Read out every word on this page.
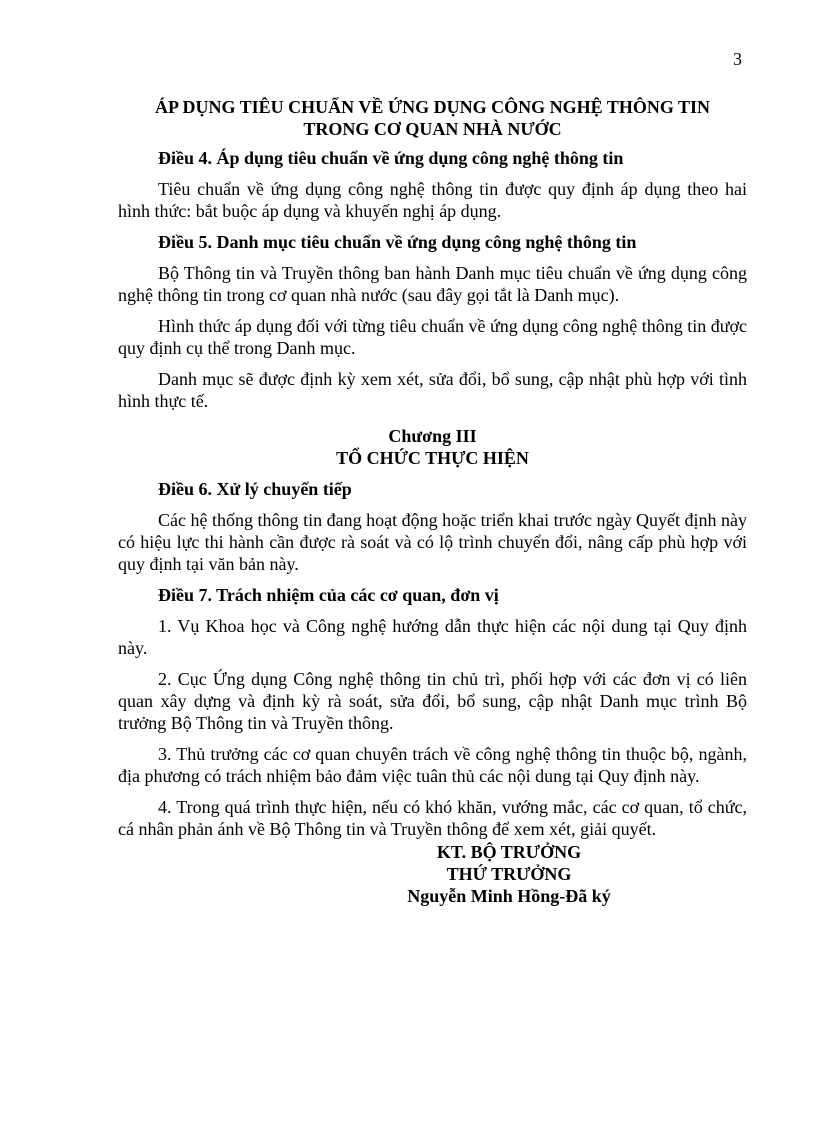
3
ÁP DỤNG TIÊU CHUẨN VỀ ỨNG DỤNG CÔNG NGHỆ THÔNG TIN
TRONG CƠ QUAN NHÀ NƯỚC
Điều 4. Áp dụng tiêu chuẩn về ứng dụng công nghệ thông tin
Tiêu chuẩn về ứng dụng công nghệ thông tin được quy định áp dụng theo hai hình thức: bắt buộc áp dụng và khuyến nghị áp dụng.
Điều 5. Danh mục tiêu chuẩn về ứng dụng công nghệ thông tin
Bộ Thông tin và Truyền thông ban hành Danh mục tiêu chuẩn về ứng dụng công nghệ thông tin trong cơ quan nhà nước (sau đây gọi tắt là Danh mục).
Hình thức áp dụng đối với từng tiêu chuẩn về ứng dụng công nghệ thông tin được quy định cụ thể trong Danh mục.
Danh mục sẽ được định kỳ xem xét, sửa đổi, bổ sung, cập nhật phù hợp với tình hình thực tế.
Chương III
TỔ CHỨC THỰC HIỆN
Điều 6. Xử lý chuyển tiếp
Các hệ thống thông tin đang hoạt động hoặc triển khai trước ngày Quyết định này có hiệu lực thi hành cần được rà soát và có lộ trình chuyển đổi, nâng cấp phù hợp với quy định tại văn bản này.
Điều 7. Trách nhiệm của các cơ quan, đơn vị
1. Vụ Khoa học và Công nghệ hướng dẫn thực hiện các nội dung tại Quy định này.
2. Cục Ứng dụng Công nghệ thông tin chủ trì, phối hợp với các đơn vị có liên quan xây dựng và định kỳ rà soát, sửa đổi, bổ sung, cập nhật Danh mục trình Bộ trưởng Bộ Thông tin và Truyền thông.
3. Thủ trưởng các cơ quan chuyên trách về công nghệ thông tin thuộc bộ, ngành, địa phương có trách nhiệm bảo đảm việc tuân thủ các nội dung tại Quy định này.
4. Trong quá trình thực hiện, nếu có khó khăn, vướng mắc, các cơ quan, tổ chức, cá nhân phản ánh về Bộ Thông tin và Truyền thông để xem xét, giải quyết.
KT. BỘ TRƯỞNG
THỨ TRƯỞNG
Nguyễn Minh Hồng-Đã ký
